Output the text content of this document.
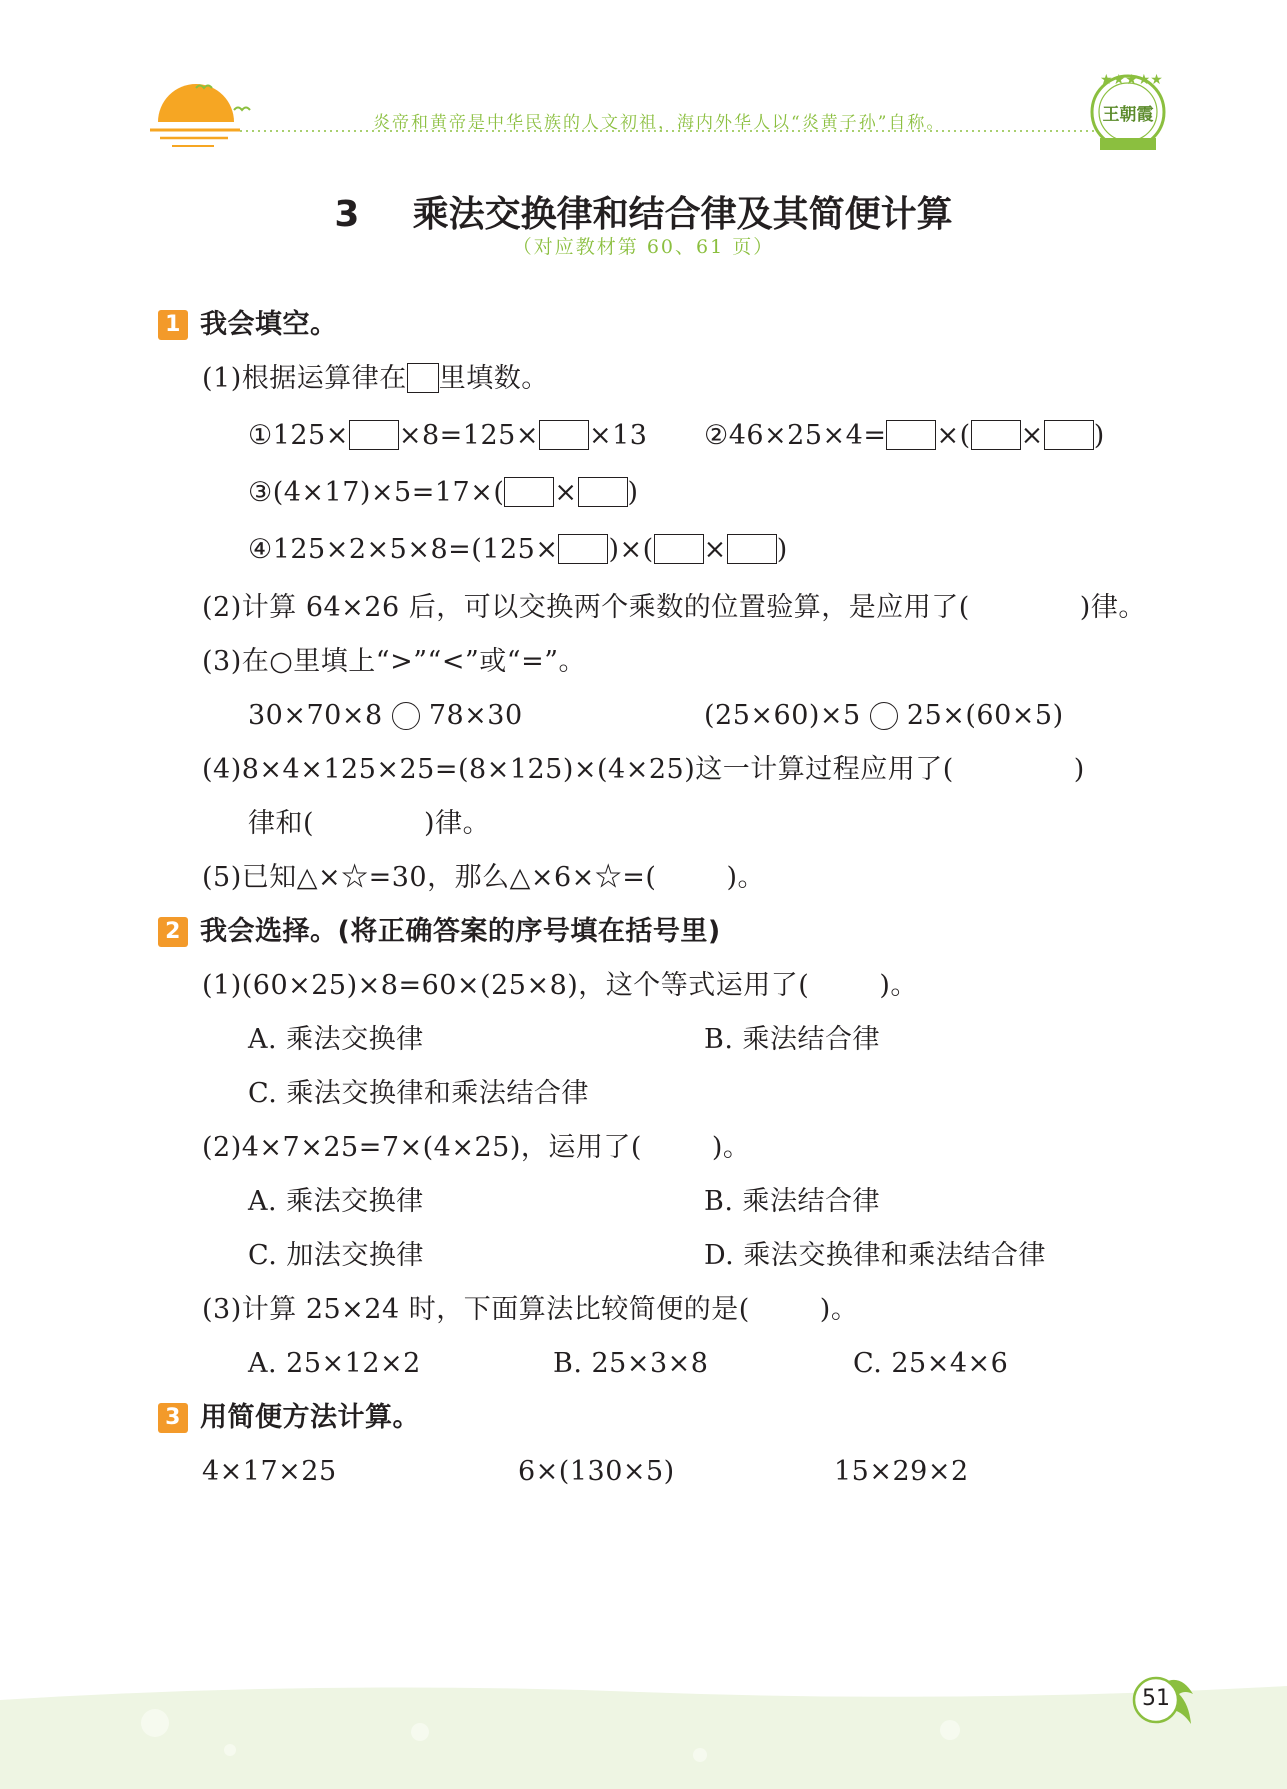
★★★★★
炎帝和黄帝是中华民族的人文初祖，海内外华人以“炎黄子孙”自称。	王朝霞
3 乘法交换律和结合律及其简便计算
（对应教材第 60、61 页）
1 我会填空。
(1)根据运算律在 里填数。
①125× ×8=125× ×13 ②46×25×4= ×( × )
③(4×17)×5=17×( × )
④125×2×5×8=(125× )×( × )
(2)计算 64×26 后，可以交换两个乘数的位置验算，是应用了(	)律。
(3)在○里填上“>”“<”或“=”。
30×70×8 78×30	(25×60)×5 25×(60×5)
(4)8×4×125×25=(8×125)×(4×25)这一计算过程应用了(	)
律和(	)律。
(5)已知△×☆=30，那么△×6×☆=(	)。
2 我会选择。(将正确答案的序号填在括号里)
(1)(60×25)×8=60×(25×8)，这个等式运用了(	)。
A. 乘法交换律	B. 乘法结合律
C. 乘法交换律和乘法结合律
(2)4×7×25=7×(4×25)，运用了(	)。
A. 乘法交换律	B. 乘法结合律
C. 加法交换律	D. 乘法交换律和乘法结合律
(3)计算 25×24 时，下面算法比较简便的是(	)。
A. 25×12×2	B. 25×3×8	C. 25×4×6
3 用简便方法计算。
4×17×25	6×(130×5)	15×29×2
51
